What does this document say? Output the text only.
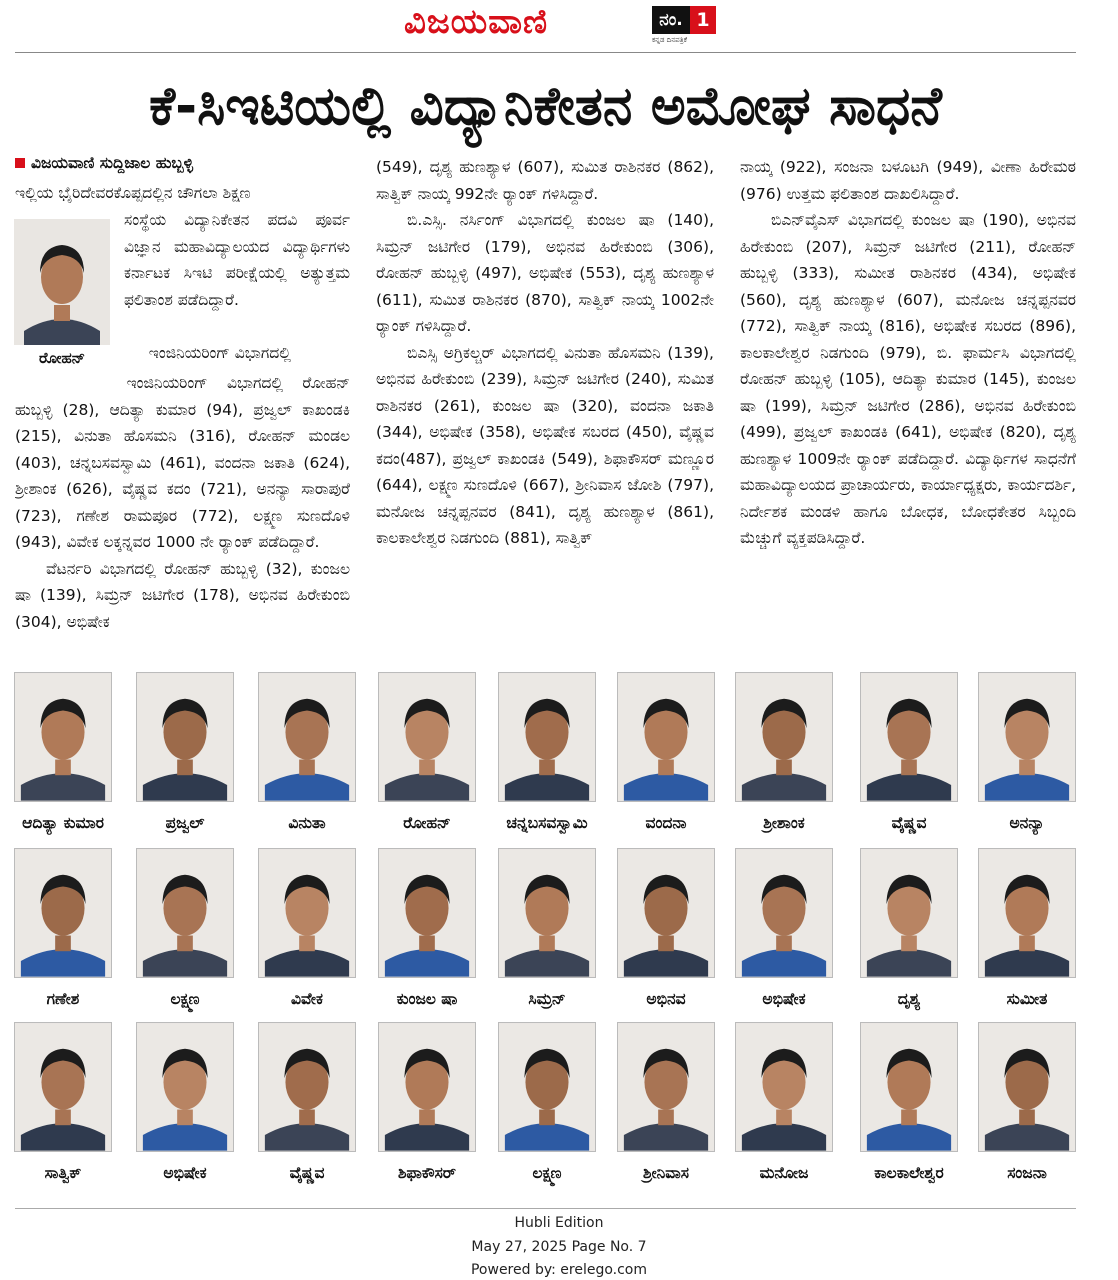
ವಿಜಯವಾಣಿ	ನಂ. 1
ಕನ್ನಡ ದಿನಪತ್ರಿಕೆ
ಕೆ-ಸಿಇಟಿಯಲ್ಲಿ ವಿದ್ಯಾನಿಕೇತನ ಅಮೋಘ ಸಾಧನೆ
ವಿಜಯವಾಣಿ ಸುದ್ದಿಜಾಲ ಹುಬ್ಬಳ್ಳಿ

ಇಲ್ಲಿಯ ಭೈರಿದೇವರಕೊಪ್ಪದಲ್ಲಿನ ಚೌಗಲಾ ಶಿಕ್ಷಣ

ರೋಹನ್

ಸಂಸ್ಥೆಯ ವಿದ್ಯಾನಿಕೇತನ ಪದವಿ ಪೂರ್ವ ವಿಜ್ಞಾನ ಮಹಾವಿದ್ಯಾಲಯದ ವಿದ್ಯಾರ್ಥಿಗಳು ಕರ್ನಾಟಕ ಸಿಇಟಿ ಪರೀಕ್ಷೆಯಲ್ಲಿ ಅತ್ಯುತ್ತಮ ಫಲಿತಾಂಶ ಪಡೆದಿದ್ದಾರೆ.

ಇಂಜಿನಿಯರಿಂಗ್ ವಿಭಾಗದಲ್ಲಿ

ಇಂಜಿನಿಯರಿಂಗ್ ವಿಭಾಗದಲ್ಲಿ ರೋಹನ್ ಹುಬ್ಬಳ್ಳಿ (28), ಆದಿತ್ಯಾ ಕುಮಾರ (94), ಪ್ರಜ್ವಲ್ ಕಾಖಂಡಕಿ (215), ವಿನುತಾ ಹೊಸಮನಿ (316), ರೋಹನ್ ಮಂಡಲ (403), ಚನ್ನಬಸವಸ್ವಾಮಿ (461), ವಂದನಾ ಜಕಾತಿ (624), ಶ್ರೀಶಾಂಕ (626), ವೈಷ್ಣವ ಕದಂ (721), ಅನನ್ಯಾ ಸಾರಾಪುರೆ (723), ಗಣೇಶ ರಾಮಪೂರ (772), ಲಕ್ಷ್ಮಣ ಸುಣದೊಳಿ (943), ವಿವೇಕ ಲಕ್ಕನ್ನವರ 1000 ನೇ ರ್‍ಯಾಂಕ್ ಪಡೆದಿದ್ದಾರೆ.

ವೆಟರ್ನರಿ ವಿಭಾಗದಲ್ಲಿ ರೋಹನ್ ಹುಬ್ಬಳ್ಳಿ (32), ಕುಂಜಲ ಷಾ (139), ಸಿಮ್ರನ್ ಜಟಿಗೇರ (178), ಅಭಿನವ ಹಿರೇಕುಂಬಿ (304), ಅಭಿಷೇಕ

(549), ದೃಶ್ಯ ಹುಣಶ್ಯಾಳ (607), ಸುಮಿತ ರಾಶಿನಕರ (862), ಸಾತ್ವಿಕ್ ನಾಯ್ಕ 992ನೇ ರ್‍ಯಾಂಕ್ ಗಳಿಸಿದ್ದಾರೆ.

ಬಿ.ಎಸ್ಸಿ. ನರ್ಸಿಂಗ್ ವಿಭಾಗದಲ್ಲಿ ಕುಂಜಲ ಷಾ (140), ಸಿಮ್ರನ್ ಜಟಿಗೇರ (179), ಅಭಿನವ ಹಿರೇಕುಂಬಿ (306), ರೋಹನ್ ಹುಬ್ಬಳ್ಳಿ (497), ಅಭಿಷೇಕ (553), ದೃಶ್ಯ ಹುಣಶ್ಯಾಳ (611), ಸುಮಿತ ರಾಶಿನಕರ (870), ಸಾತ್ವಿಕ್ ನಾಯ್ಕ 1002ನೇ ರ್‍ಯಾಂಕ್ ಗಳಿಸಿದ್ದಾರೆ.

ಬಿಎಸ್ಸಿ ಅಗ್ರಿಕಲ್ಚರ್ ವಿಭಾಗದಲ್ಲಿ ವಿನುತಾ ಹೊಸಮನಿ (139), ಅಭಿನವ ಹಿರೇಕುಂಬಿ (239), ಸಿಮ್ರನ್ ಜಟಿಗೇರ (240), ಸುಮಿತ ರಾಶಿನಕರ (261), ಕುಂಜಲ ಷಾ (320), ವಂದನಾ ಜಕಾತಿ (344), ಅಭಿಷೇಕ (358), ಅಭಿಷೇಕ ಸಬರದ (450), ವೈಷ್ಣವ ಕದಂ(487), ಪ್ರಜ್ವಲ್ ಕಾಖಂಡಕಿ (549), ಶಿಫಾಕೌಸರ್ ಮಣ್ಣೂರ (644), ಲಕ್ಷ್ಮಣ ಸುಣದೊಳಿ (667), ಶ್ರೀನಿವಾಸ ಜೋಶಿ (797), ಮನೋಜ ಚನ್ನಪ್ಪನವರ (841), ದೃಶ್ಯ ಹುಣಶ್ಯಾಳ (861), ಕಾಲಕಾಲೇಶ್ವರ ನಿಡಗುಂದಿ (881), ಸಾತ್ವಿಕ್

ನಾಯ್ಕ (922), ಸಂಜನಾ ಬಳೂಟಗಿ (949), ವೀಣಾ ಹಿರೇಮಠ (976) ಉತ್ತಮ ಫಲಿತಾಂಶ ದಾಖಲಿಸಿದ್ದಾರೆ.

ಬಿಎನ್‌ವೈಎಸ್ ವಿಭಾಗದಲ್ಲಿ ಕುಂಜಲ ಷಾ (190), ಅಭಿನವ ಹಿರೇಕುಂಬಿ (207), ಸಿಮ್ರನ್ ಜಟಿಗೇರ (211), ರೋಹನ್ ಹುಬ್ಬಳ್ಳಿ (333), ಸುಮೀತ ರಾಶಿನಕರ (434), ಅಭಿಷೇಕ (560), ದೃಶ್ಯ ಹುಣಶ್ಯಾಳ (607), ಮನೋಜ ಚನ್ನಪ್ಪನವರ (772), ಸಾತ್ವಿಕ್ ನಾಯ್ಕ (816), ಅಭಿಷೇಕ ಸಬರದ (896), ಕಾಲಕಾಲೇಶ್ವರ ನಿಡಗುಂದಿ (979), ಬಿ. ಫಾರ್ಮಸಿ ವಿಭಾಗದಲ್ಲಿ ರೋಹನ್ ಹುಬ್ಬಳ್ಳಿ (105), ಆದಿತ್ಯಾ ಕುಮಾರ (145), ಕುಂಜಲ ಷಾ (199), ಸಿಮ್ರನ್ ಜಟಿಗೇರ (286), ಅಭಿನವ ಹಿರೇಕುಂಬಿ (499), ಪ್ರಜ್ವಲ್ ಕಾಖಂಡಕಿ (641), ಅಭಿಷೇಕ (820), ದೃಶ್ಯ ಹುಣಶ್ಯಾಳ 1009ನೇ ರ್‍ಯಾಂಕ್ ಪಡೆದಿದ್ದಾರೆ. ವಿದ್ಯಾರ್ಥಿಗಳ ಸಾಧನೆಗೆ ಮಹಾವಿದ್ಯಾಲಯದ ಪ್ರಾಚಾರ್ಯರು, ಕಾರ್ಯಾಧ್ಯಕ್ಷರು, ಕಾರ್ಯದರ್ಶಿ, ನಿರ್ದೇಶಕ ಮಂಡಳಿ ಹಾಗೂ ಬೋಧಕ, ಬೋಧಕೇತರ ಸಿಬ್ಬಂದಿ ಮೆಚ್ಚುಗೆ ವ್ಯಕ್ತಪಡಿಸಿದ್ದಾರೆ.

ಆದಿತ್ಯಾ ಕುಮಾರ	ಪ್ರಜ್ವಲ್	ವಿನುತಾ	ರೋಹನ್	ಚನ್ನಬಸವಸ್ವಾಮಿ	ವಂದನಾ	ಶ್ರೀಶಾಂಕ	ವೈಷ್ಣವ	ಅನನ್ಯಾ
ಗಣೇಶ	ಲಕ್ಷ್ಮಣ	ವಿವೇಕ	ಕುಂಜಲ ಷಾ	ಸಿಮ್ರನ್	ಅಭಿನವ	ಅಭಿಷೇಕ	ದೃಶ್ಯ	ಸುಮೀತ
ಸಾತ್ವಿಕ್	ಅಭಿಷೇಕ	ವೈಷ್ಣವ	ಶಿಫಾಕೌಸರ್	ಲಕ್ಷ್ಮಣ	ಶ್ರೀನಿವಾಸ	ಮನೋಜ	ಕಾಲಕಾಲೇಶ್ವರ	ಸಂಜನಾ
Hubli Edition
May 27, 2025 Page No. 7
Powered by: erelego.com
